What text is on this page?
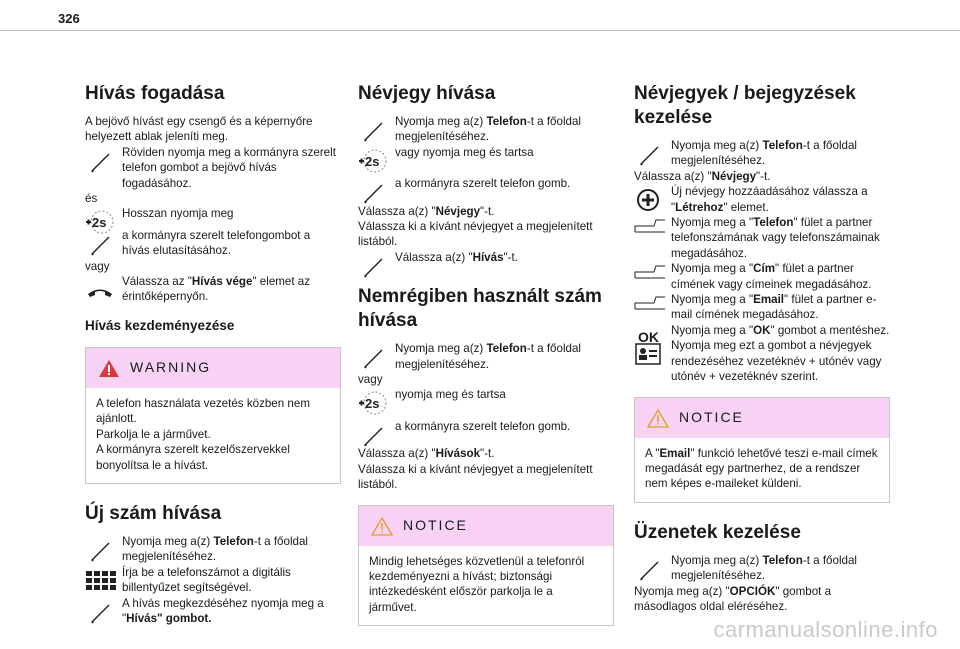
326
Hívás fogadása

A bejövő hívást egy csengő és a képernyőre helyezett ablak jeleníti meg.

Röviden nyomja meg a kormányra szerelt telefon gombot a bejövő hívás fogadásához.

és

2s

Hosszan nyomja meg

a kormányra szerelt telefongombot a hívás elutasításához.

vagy

Válassza az "Hívás vége" elemet az érintőképernyőn.

Hívás kezdeményezése
WARNING
A telefon használata vezetés közben nem ajánlott.
Parkolja le a járművet.
A kormányra szerelt kezelőszervekkel bonyolítsa le a hívást.
Új szám hívása

Nyomja meg a(z) Telefon-t a főoldal megjelenítéséhez.

Írja be a telefonszámot a digitális billentyűzet segítségével.

A hívás megkezdéséhez nyomja meg a "Hívás" gombot.

Névjegy hívása

Nyomja meg a(z) Telefon-t a főoldal megjelenítéséhez.

2s

vagy nyomja meg és tartsa

a kormányra szerelt telefon gomb.

Válassza a(z) "Névjegy"-t.

Válassza ki a kívánt névjegyet a megjelenített listából.

Válassza a(z) "Hívás"-t.

Nemrégiben használt szám hívása

Nyomja meg a(z) Telefon-t a főoldal megjelenítéséhez.

vagy

2s

nyomja meg és tartsa

a kormányra szerelt telefon gomb.

Válassza a(z) "Hívások"-t.

Válassza ki a kívánt névjegyet a megjelenített listából.

NOTICE
Mindig lehetséges közvetlenül a telefonról kezdeményezni a hívást; biztonsági intézkedésként először parkolja le a járművet.
Névjegyek / bejegyzések kezelése

Nyomja meg a(z) Telefon-t a főoldal megjelenítéséhez.

Válassza a(z) "Névjegy"-t.

Új névjegy hozzáadásához válassza a "Létrehoz" elemet.

Nyomja meg a "Telefon" fület a partner telefonszámának vagy telefonszámainak megadásához.

Nyomja meg a "Cím" fület a partner címének vagy címeinek megadásához.

Nyomja meg a "Email" fület a partner e-mail címének megadásához.

OK	Nyomja meg a "OK" gombot a mentéshez.

Nyomja meg ezt a gombot a névjegyek rendezéséhez vezetéknév + utónév vagy utónév + vezetéknév szerint.

NOTICE
A "Email" funkció lehetővé teszi e-mail címek megadását egy partnerhez, de a rendszer nem képes e-maileket küldeni.
Üzenetek kezelése

Nyomja meg a(z) Telefon-t a főoldal megjelenítéséhez.

Nyomja meg a(z) "OPCIÓK" gombot a másodlagos oldal eléréséhez.

carmanualsonline.info
